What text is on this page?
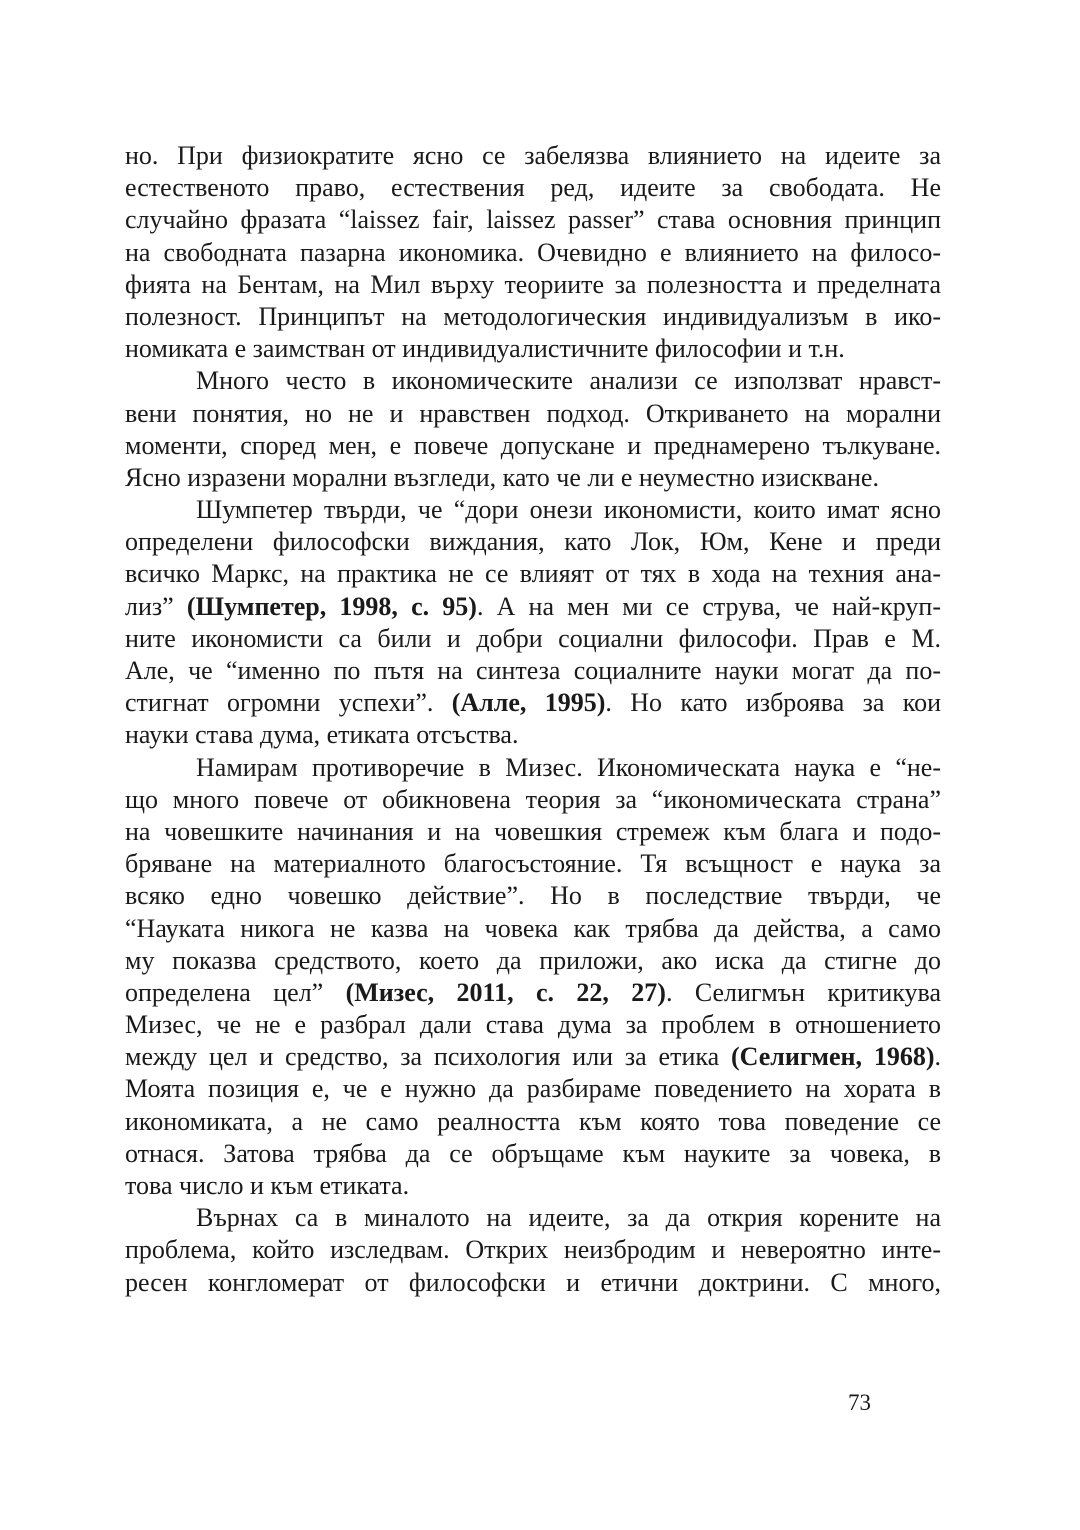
но. При физиократите ясно се забелязва влиянието на идеите за
естественото право, естествения ред, идеите за свободата. Не
случайно фразата “laissez fair, laissez passer” става основния принцип
на свободната пазарна икономика. Очевидно е влиянието на филосо-
фията на Бентам, на Мил върху теориите за полезността и пределната
полезност. Принципът на методологическия индивидуализъм в ико-
номиката е заимстван от индивидуалистичните философии и т.н.
Много често в икономическите анализи се използват нравст-
вени понятия, но не и нравствен подход. Откриването на морални
моменти, според мен, е повече допускане и преднамерено тълкуване.
Ясно изразени морални възгледи, като че ли е неуместно изискване.
Шумпетер твърди, че “дори онези икономисти, които имат ясно
определени философски виждания, като Лок, Юм, Кене и преди
всичко Маркс, на практика не се влияят от тях в хода на техния ана-
лиз” (Шумпетер, 1998, с. 95). А на мен ми се струва, че най-круп-
ните икономисти са били и добри социални философи. Прав е М.
Але, че “именно по пътя на синтеза социалните науки могат да по-
стигнат огромни успехи”. (Алле, 1995). Но като изброява за кои
науки става дума, етиката отсъства.
Намирам противоречие в Мизес. Икономическата наука е “не-
що много повече от обикновена теория за “икономическата страна”
на човешките начинания и на човешкия стремеж към блага и подо-
бряване на материалното благосъстояние. Тя всъщност е наука за
всяко едно човешко действие”. Но в последствие твърди, че
“Науката никога не казва на човека как трябва да действа, а само
му показва средството, което да приложи, ако иска да стигне до
определена цел” (Мизес, 2011, с. 22, 27). Селигмън критикува
Мизес, че не е разбрал дали става дума за проблем в отношението
между цел и средство, за психология или за етика (Селигмен, 1968).
Моята позиция е, че е нужно да разбираме поведението на хората в
икономиката, а не само реалността към която това поведение се
отнася. Затова трябва да се обръщаме към науките за човека, в
това число и към етиката.
Върнах са в миналото на идеите, за да открия корените на
проблема, който изследвам. Открих неизбродим и невероятно инте-
ресен конгломерат от философски и етични доктрини. С много,
73
